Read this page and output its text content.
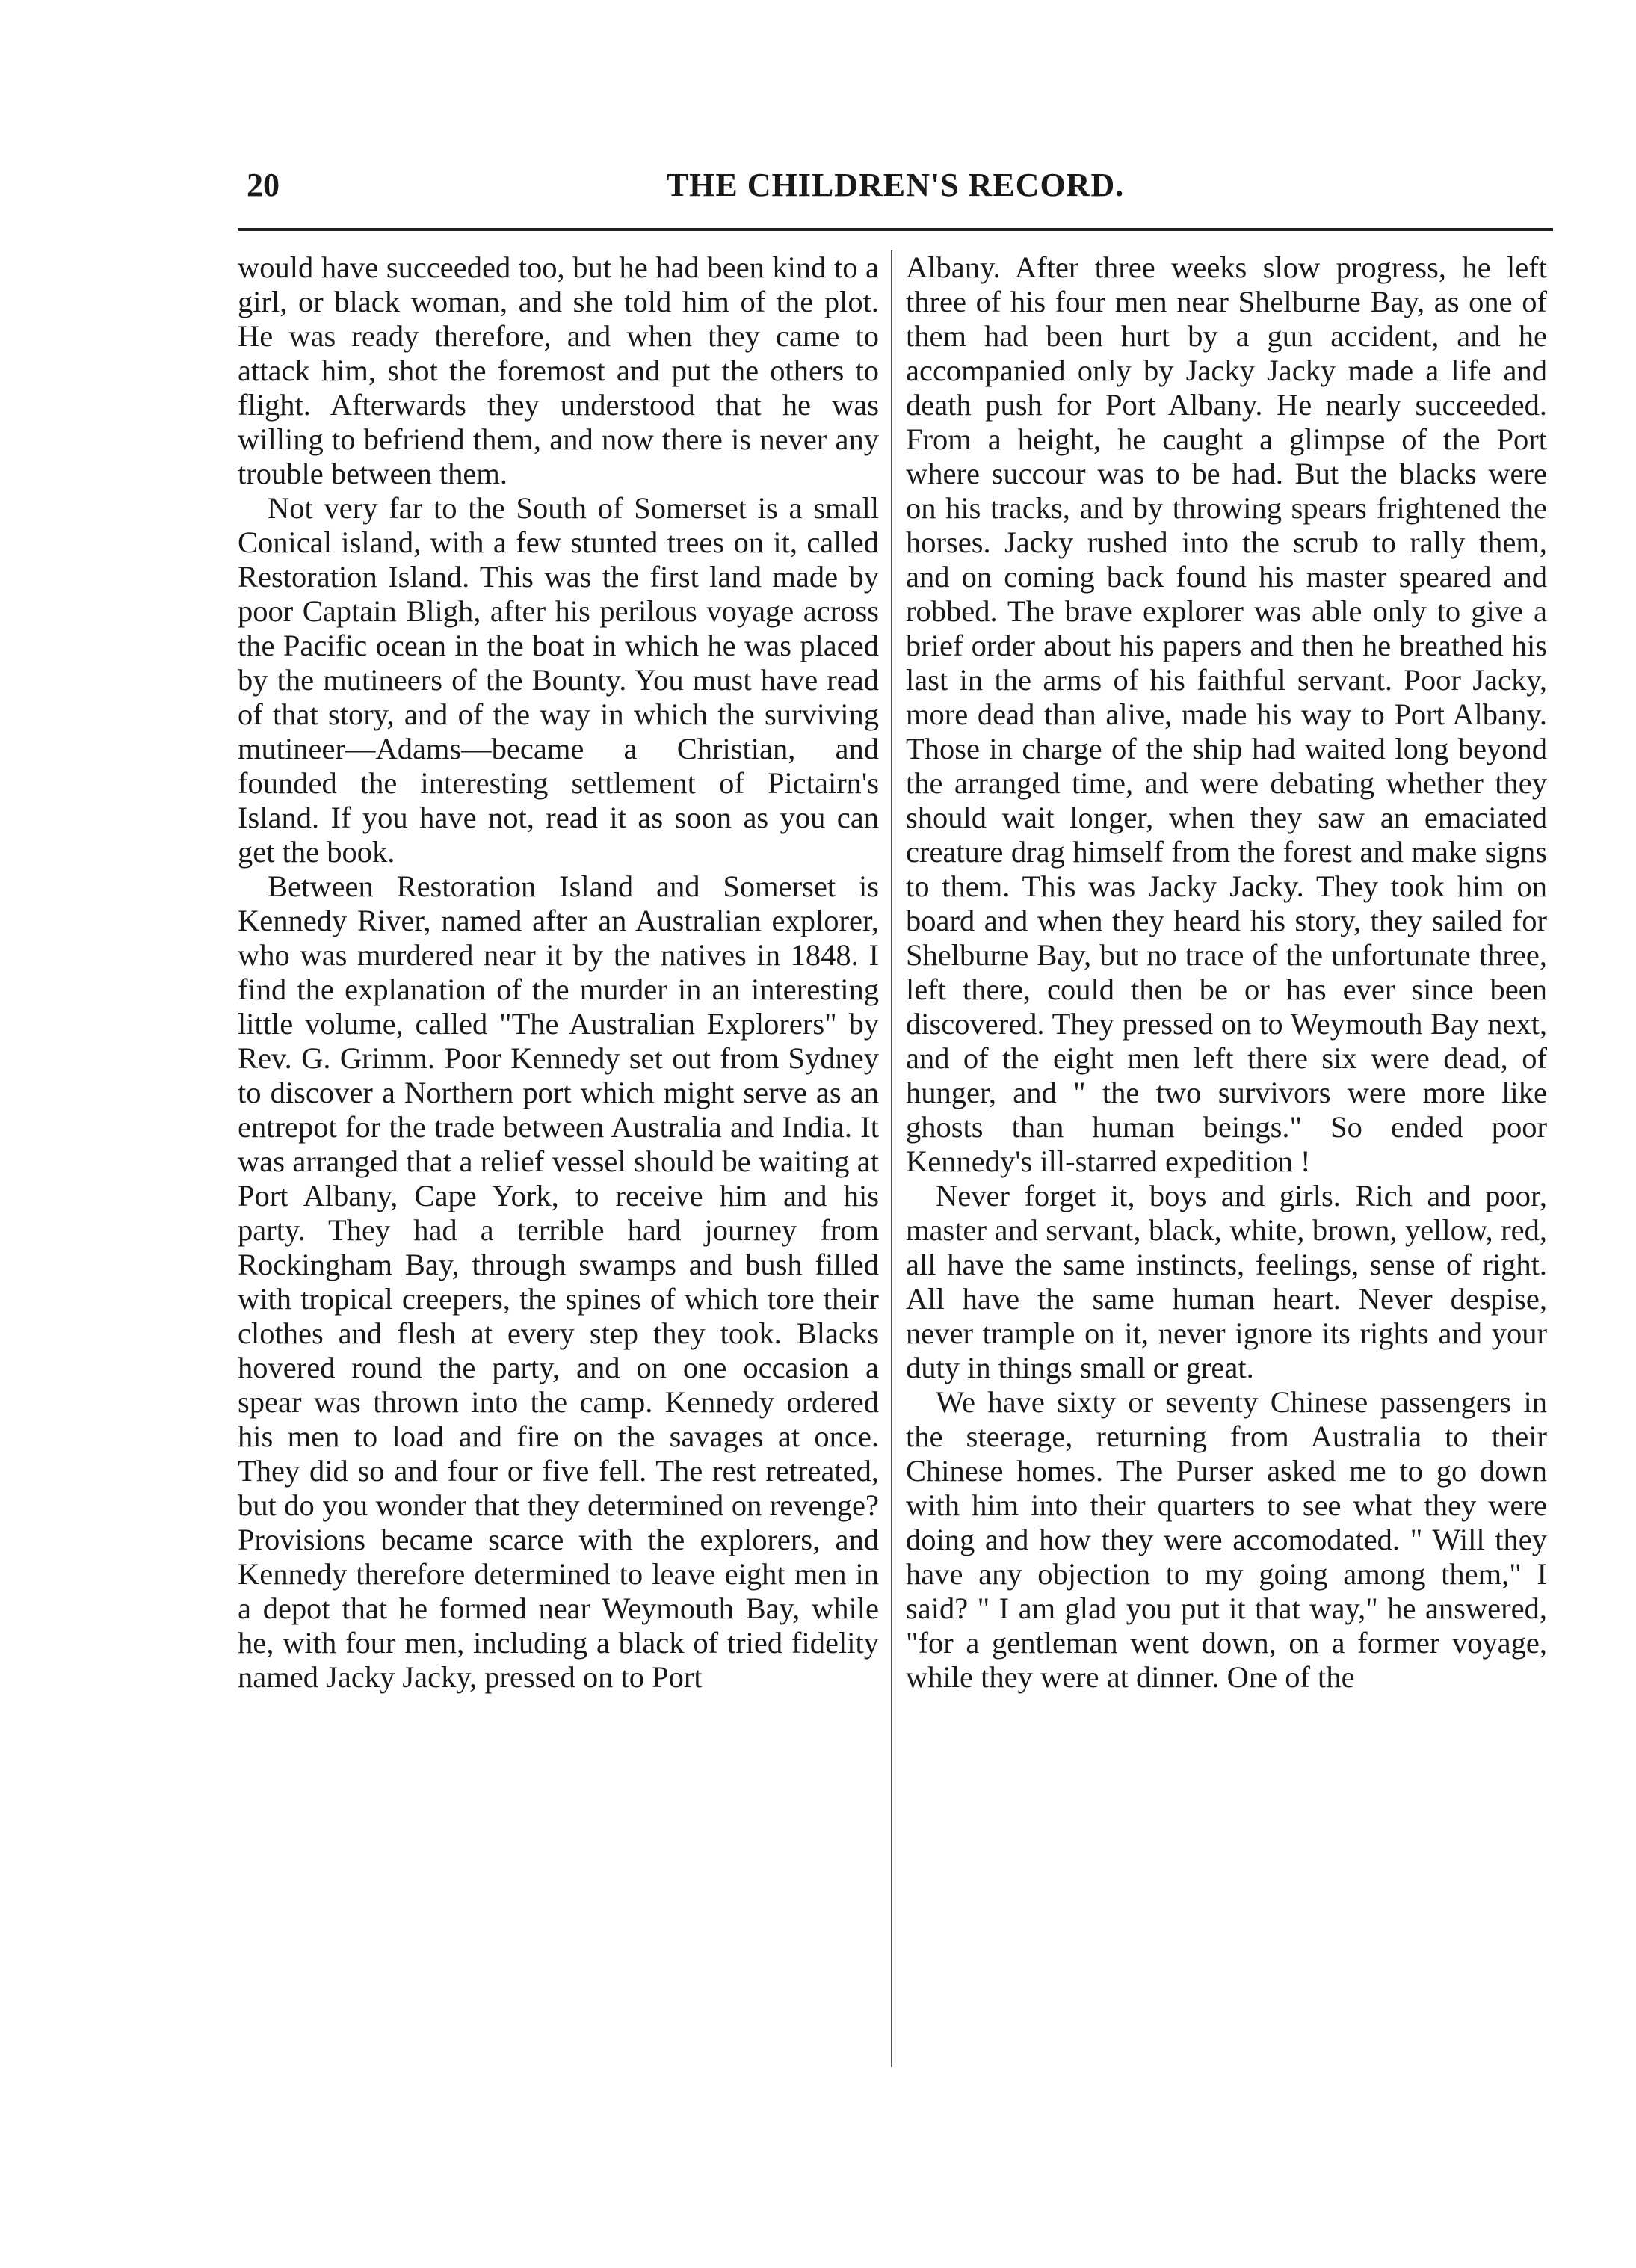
20	THE CHILDREN'S RECORD.

would have succeeded too, but he had been kind to a girl, or black woman, and she told him of the plot. He was ready therefore, and when they came to attack him, shot the foremost and put the others to flight. Afterwards they understood that he was willing to befriend them, and now there is never any trouble between them.

Not very far to the South of Somerset is a small Conical island, with a few stunted trees on it, called Restoration Island. This was the first land made by poor Captain Bligh, after his perilous voyage across the Pacific ocean in the boat in which he was placed by the mutineers of the Bounty. You must have read of that story, and of the way in which the surviving mutineer—Adams—became a Christian, and founded the interesting settlement of Pictairn's Island. If you have not, read it as soon as you can get the book.

Between Restoration Island and Somerset is Kennedy River, named after an Australian explorer, who was murdered near it by the natives in 1848. I find the explanation of the murder in an interesting little volume, called "The Australian Explorers" by Rev. G. Grimm. Poor Kennedy set out from Sydney to discover a Northern port which might serve as an entrepot for the trade between Australia and India. It was arranged that a relief vessel should be waiting at Port Albany, Cape York, to receive him and his party. They had a terrible hard journey from Rockingham Bay, through swamps and bush filled with tropical creepers, the spines of which tore their clothes and flesh at every step they took. Blacks hovered round the party, and on one occasion a spear was thrown into the camp. Kennedy ordered his men to load and fire on the savages at once. They did so and four or five fell. The rest retreated, but do you wonder that they determined on revenge? Provisions became scarce with the explorers, and Kennedy therefore determined to leave eight men in a depot that he formed near Weymouth Bay, while he, with four men, including a black of tried fidelity named Jacky Jacky, pressed on to Port

Albany. After three weeks slow progress, he left three of his four men near Shelburne Bay, as one of them had been hurt by a gun accident, and he accompanied only by Jacky Jacky made a life and death push for Port Albany. He nearly succeeded. From a height, he caught a glimpse of the Port where succour was to be had. But the blacks were on his tracks, and by throwing spears frightened the horses. Jacky rushed into the scrub to rally them, and on coming back found his master speared and robbed. The brave explorer was able only to give a brief order about his papers and then he breathed his last in the arms of his faithful servant. Poor Jacky, more dead than alive, made his way to Port Albany. Those in charge of the ship had waited long beyond the arranged time, and were debating whether they should wait longer, when they saw an emaciated creature drag himself from the forest and make signs to them. This was Jacky Jacky. They took him on board and when they heard his story, they sailed for Shelburne Bay, but no trace of the unfortunate three, left there, could then be or has ever since been discovered. They pressed on to Weymouth Bay next, and of the eight men left there six were dead, of hunger, and " the two survivors were more like ghosts than human beings." So ended poor Kennedy's ill-starred expedition !

Never forget it, boys and girls. Rich and poor, master and servant, black, white, brown, yellow, red, all have the same instincts, feelings, sense of right. All have the same human heart. Never despise, never trample on it, never ignore its rights and your duty in things small or great.

We have sixty or seventy Chinese passengers in the steerage, returning from Australia to their Chinese homes. The Purser asked me to go down with him into their quarters to see what they were doing and how they were accomodated. " Will they have any objection to my going among them," I said? " I am glad you put it that way," he answered, "for a gentleman went down, on a former voyage, while they were at dinner. One of the
